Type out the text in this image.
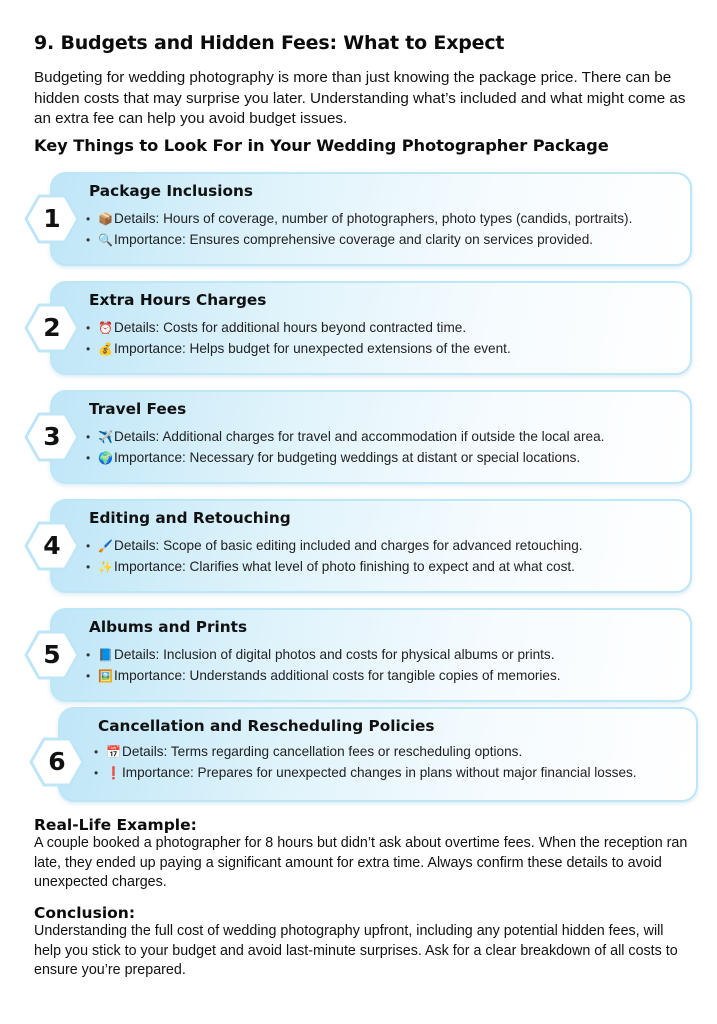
9. Budgets and Hidden Fees: What to Expect

Budgeting for wedding photography is more than just knowing the package price. There can be hidden costs that may surprise you later. Understanding what’s included and what might come as an extra fee can help you avoid budget issues.

Key Things to Look For in Your Wedding Photographer Package
Package Inclusions
• 📦Details: Hours of coverage, number of photographers, photo types (candids, portraits).
• 🔍Importance: Ensures comprehensive coverage and clarity on services provided.
Extra Hours Charges
• ⏰Details: Costs for additional hours beyond contracted time.
• 💰Importance: Helps budget for unexpected extensions of the event.
Travel Fees
• ✈️Details: Additional charges for travel and accommodation if outside the local area.
• 🌍Importance: Necessary for budgeting weddings at distant or special locations.
Editing and Retouching
• 🖌️Details: Scope of basic editing included and charges for advanced retouching.
• ✨Importance: Clarifies what level of photo finishing to expect and at what cost.
Albums and Prints
• 📘Details: Inclusion of digital photos and costs for physical albums or prints.
• 🖼️Importance: Understands additional costs for tangible copies of memories.
Cancellation and Rescheduling Policies
• 📅Details: Terms regarding cancellation fees or rescheduling options.
• ❗Importance: Prepares for unexpected changes in plans without major financial losses.
Real-Life Example:

A couple booked a photographer for 8 hours but didn’t ask about overtime fees. When the reception ran late, they ended up paying a significant amount for extra time. Always confirm these details to avoid unexpected charges.

Conclusion:

Understanding the full cost of wedding photography upfront, including any potential hidden fees, will help you stick to your budget and avoid last-minute surprises. Ask for a clear breakdown of all costs to ensure you’re prepared.

1
2
3
4
5
6
